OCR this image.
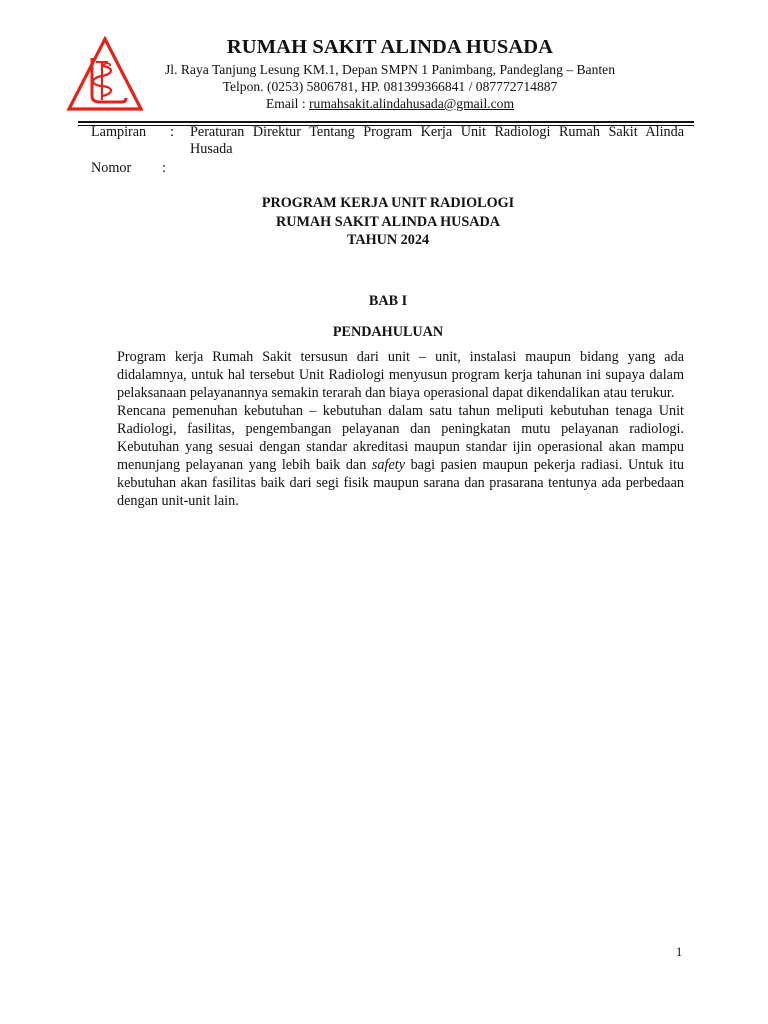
RUMAH SAKIT ALINDA HUSADA
Jl. Raya Tanjung Lesung KM.1, Depan SMPN 1 Panimbang, Pandeglang – Banten
Telpon. (0253) 5806781, HP. 081399366841 / 087772714887
Email : rumahsakit.alindahusada@gmail.com
Lampiran : Peraturan Direktur Tentang Program Kerja Unit Radiologi Rumah Sakit Alinda
Husada
Nomor :
PROGRAM KERJA UNIT RADIOLOGI
RUMAH SAKIT ALINDA HUSADA
TAHUN 2024
BAB I
PENDAHULUAN

Program kerja Rumah Sakit tersusun dari unit – unit, instalasi maupun bidang yang ada didalamnya, untuk hal tersebut Unit Radiologi menyusun program kerja tahunan ini supaya dalam pelaksanaan pelayanannya semakin terarah dan biaya operasional dapat dikendalikan atau terukur.

Rencana pemenuhan kebutuhan – kebutuhan dalam satu tahun meliputi kebutuhan tenaga Unit Radiologi, fasilitas, pengembangan pelayanan dan peningkatan mutu pelayanan radiologi. Kebutuhan yang sesuai dengan standar akreditasi maupun standar ijin operasional akan mampu menunjang pelayanan yang lebih baik dan safety bagi pasien maupun pekerja radiasi. Untuk itu kebutuhan akan fasilitas baik dari segi fisik maupun sarana dan prasarana tentunya ada perbedaan dengan unit-unit lain.

1
